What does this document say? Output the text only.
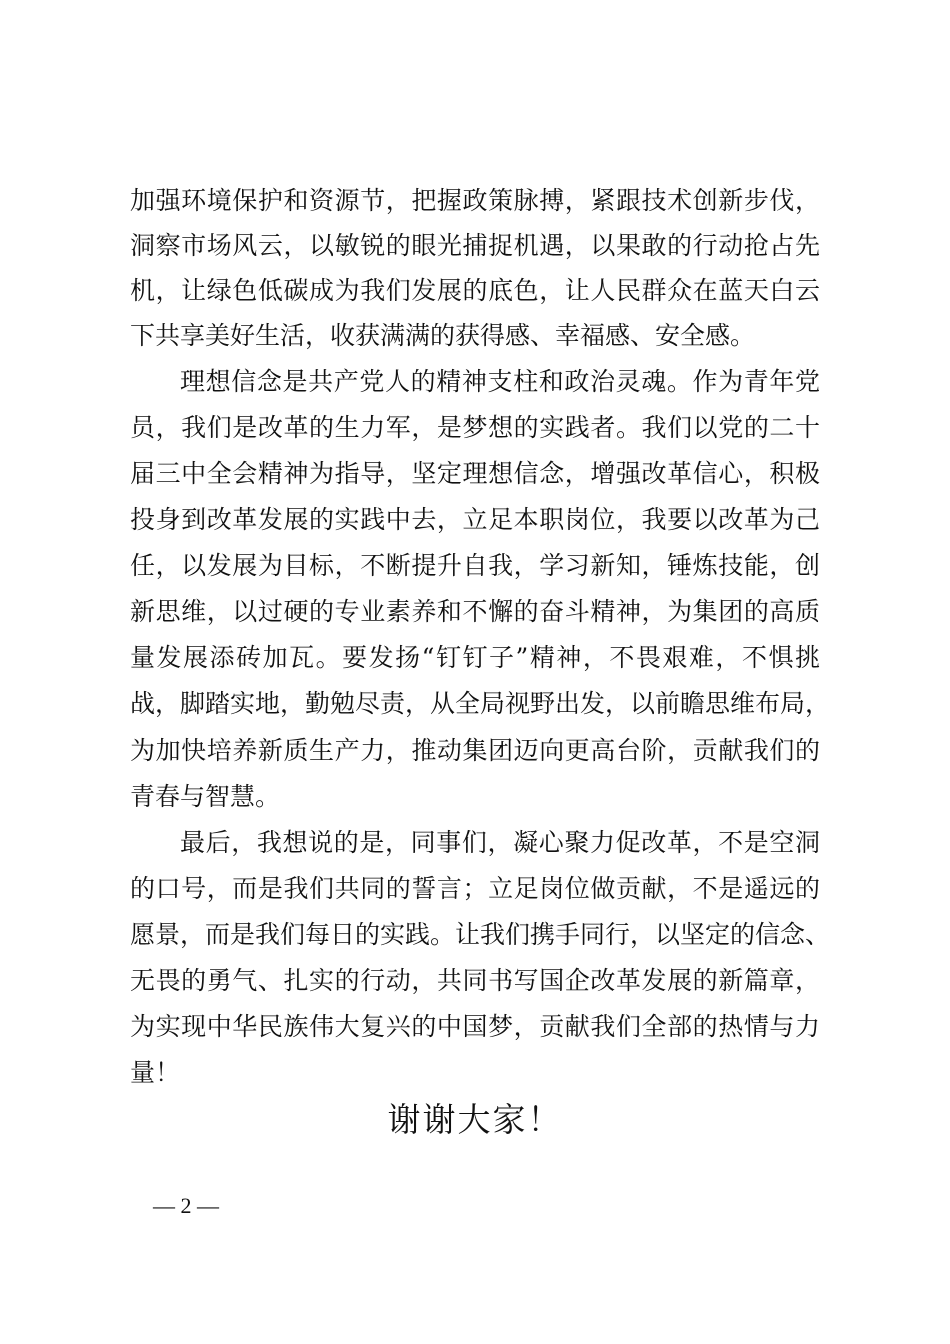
加强环境保护和资源节，把握政策脉搏，紧跟技术创新步伐，
洞察市场风云，以敏锐的眼光捕捉机遇，以果敢的行动抢占先
机，让绿色低碳成为我们发展的底色，让人民群众在蓝天白云
下共享美好生活，收获满满的获得感、幸福感、安全感。
理想信念是共产党人的精神支柱和政治灵魂。作为青年党
员，我们是改革的生力军，是梦想的实践者。我们以党的二十
届三中全会精神为指导，坚定理想信念，增强改革信心，积极
投身到改革发展的实践中去，立足本职岗位，我要以改革为己
任，以发展为目标，不断提升自我，学习新知，锤炼技能，创
新思维，以过硬的专业素养和不懈的奋斗精神，为集团的高质
量发展添砖加瓦。要发扬“钉钉子”精神，不畏艰难，不惧挑
战，脚踏实地，勤勉尽责，从全局视野出发，以前瞻思维布局，
为加快培养新质生产力，推动集团迈向更高台阶，贡献我们的
青春与智慧。
最后，我想说的是，同事们，凝心聚力促改革，不是空洞
的口号，而是我们共同的誓言；立足岗位做贡献，不是遥远的
愿景，而是我们每日的实践。让我们携手同行，以坚定的信念、
无畏的勇气、扎实的行动，共同书写国企改革发展的新篇章，
为实现中华民族伟大复兴的中国梦，贡献我们全部的热情与力
量！
谢谢大家！
— 2 —
